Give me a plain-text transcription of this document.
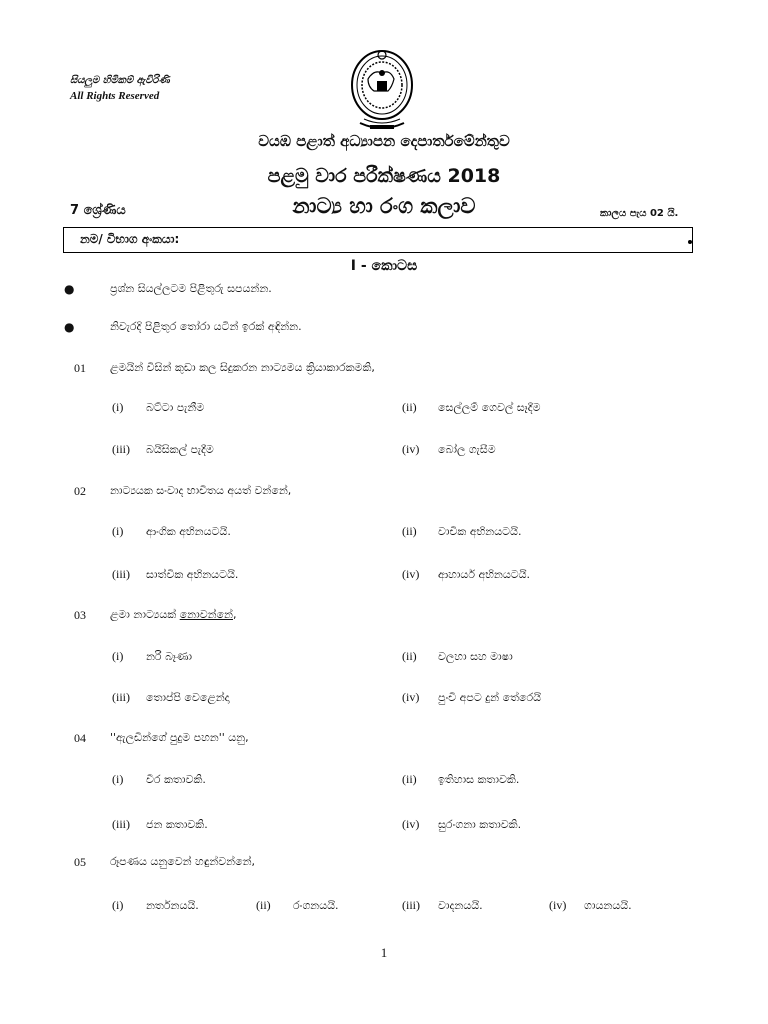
සියලුම හිමිකම් ඇවිරිණි
All Rights Reserved
වයඹ පළාත් අධ්‍යාපන දෙපාර්තමේන්තුව
පළමු වාර පරීක්ෂණය 2018
නාට්‍ය හා රංග කලාව
7 ශ්‍රේණිය	කාලය පැය 02 යි.
නම/ විභාග අංකයා:
I - කොටස
●	ප්‍රශ්න සියල්ලටම පිළිතුරු සපයන්න.
●	නිවැරදි පිළිතුර තෝරා යටින් ඉරක් අඳින්න.
01 ළමයින් විසින් කුඩා කල සිදුකරන නාට්‍යමය ක්‍රියාකාරකමකි,
(i) බට්ටා පැනීම	(ii) සෙල්ලම් ගෙවල් සෑදීම
(iii) බයිසිකල් පැදීම	(iv) බෝල ගැසීම
02 නාට්‍යයක සංවාද භාවිතය අයත් වන්නේ,
(i) ආංගික අභිනයටයි.	(ii) වාචික අභිනයටයි.
(iii) සාත්වික අභිනයටයි.	(iv) ආහාර්ය අභිනයටයි.
03 ළමා නාට්‍යයක් නොවන්නේ,
(i) නරි බෑණා	(ii) වලහා සහ මාෂා
(iii) තොප්පි වෙළෙන්දා	(iv) පුංචි අපට දුන් තේරෙයි
04 ''ඇලඩින්ගේ පුදුම පහන'' යනු,
(i) වීර කතාවකි.	(ii) ඉතිහාස කතාවකි.
(iii) ජන කතාවකි.	(iv) සුරංගනා කතාවකි.
05 රූපණය යනුවෙන් හඳුන්වන්නේ,
(i) නර්තනයයි.	(ii) රංගනයයි.	(iii) වාදනයයි.	(iv) ගායනයයි.
1
